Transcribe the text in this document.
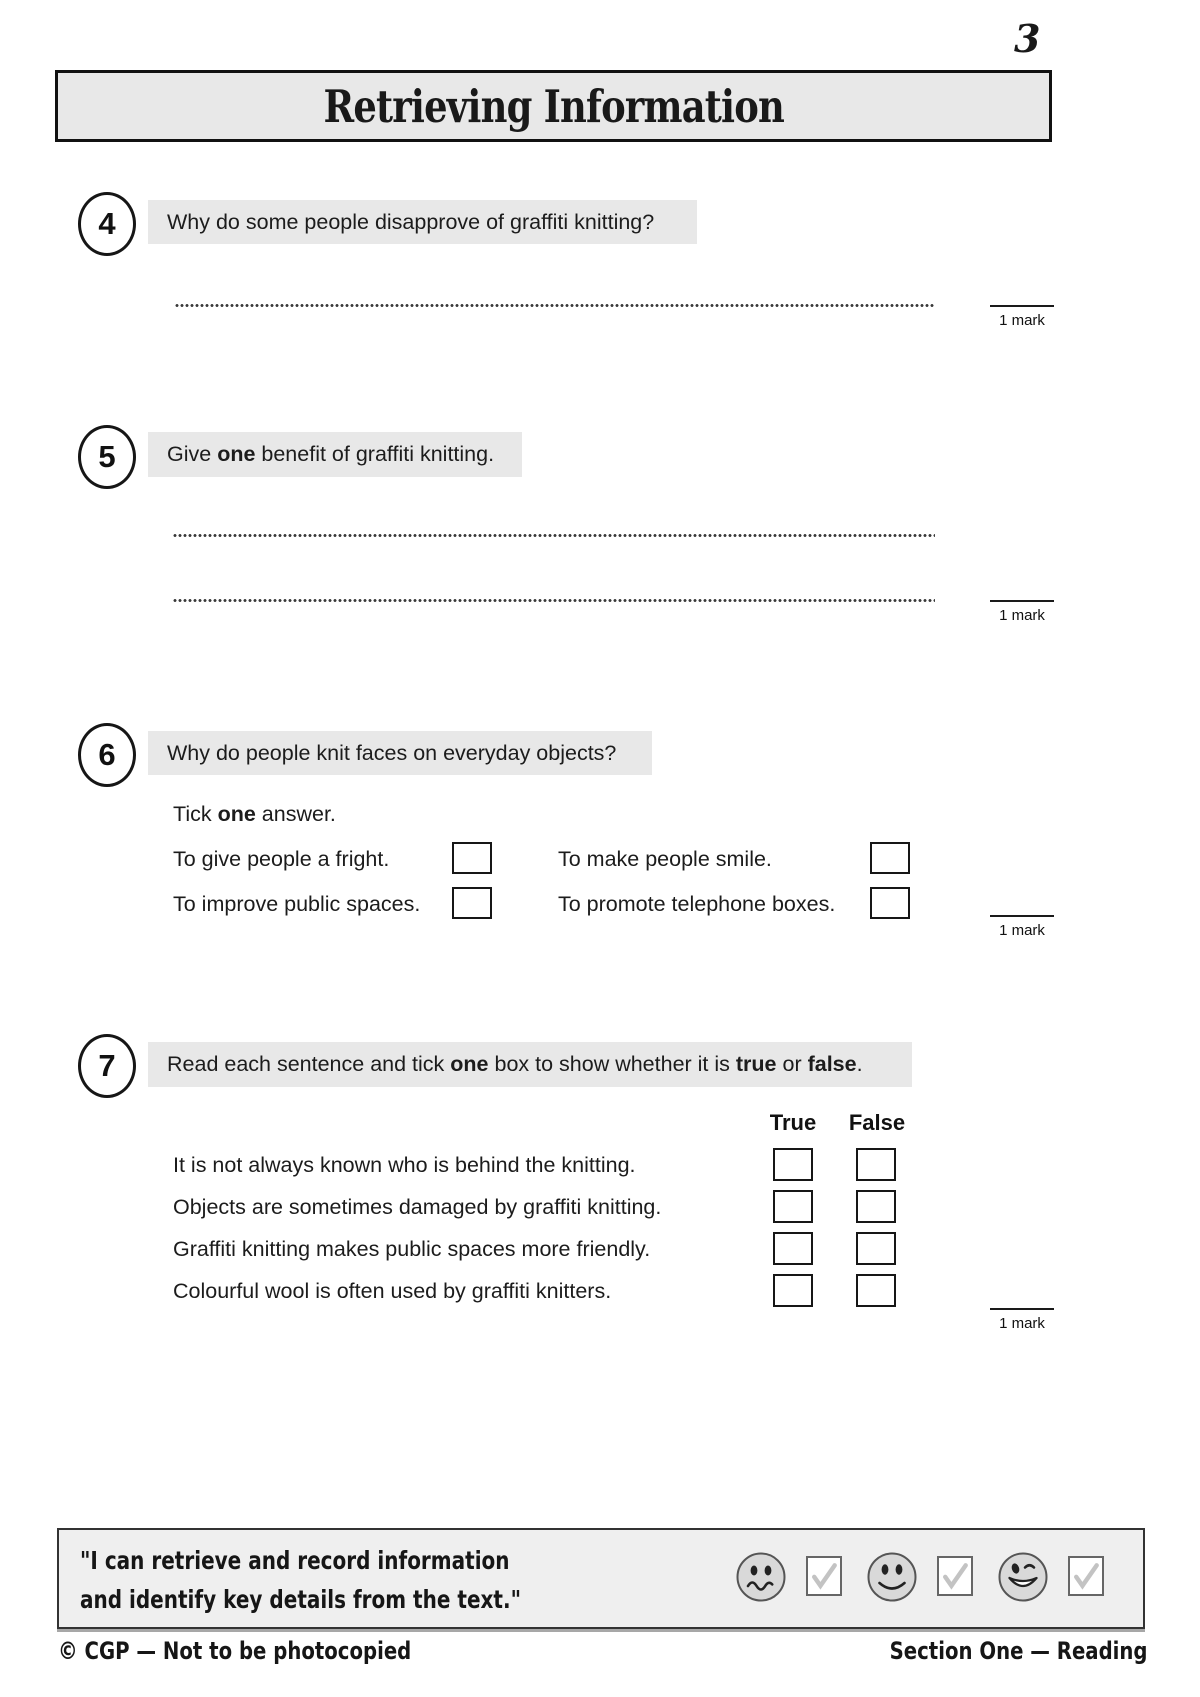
3
Retrieving Information
4 Why do some people disapprove of graffiti knitting?
1 mark
5 Give one benefit of graffiti knitting.
1 mark
6 Why do people knit faces on everyday objects?
Tick one answer.
To give people a fright.	To make people smile.
To improve public spaces.	To promote telephone boxes.
1 mark
7 Read each sentence and tick one box to show whether it is true or false.
True	False
It is not always known who is behind the knitting.
Objects are sometimes damaged by graffiti knitting.
Graffiti knitting makes public spaces more friendly.
Colourful wool is often used by graffiti knitters.
1 mark
"I can retrieve and record information
and identify key details from the text."
© CGP — Not to be photocopied	Section One — Reading
